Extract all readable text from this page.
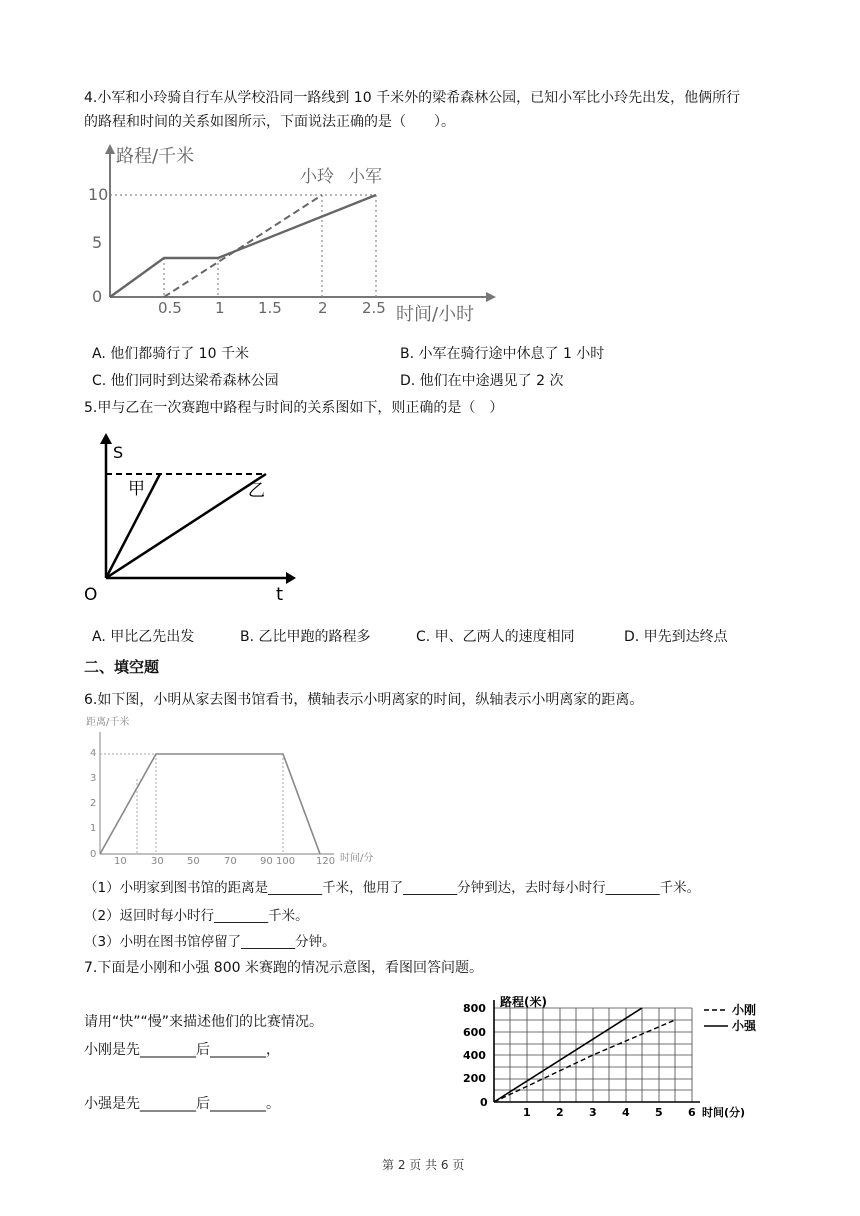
4.小军和小玲骑自行车从学校沿同一路线到 10 千米外的梁希森林公园，已知小军比小玲先出发，他俩所行
的路程和时间的关系如图所示，下面说法正确的是（　　）。
路程/千米
时间/小时
0
5
10
0.5 1 1.5 2 2.5
小玲 小军
A. 他们都骑行了 10 千米	B. 小军在骑行途中休息了 1 小时
C. 他们同时到达梁希森林公园	D. 他们在中途遇见了 2 次
5.甲与乙在一次赛跑中路程与时间的关系图如下，则正确的是（　）
S
t
O
甲	乙
A. 甲比乙先出发	B. 乙比甲跑的路程多	C. 甲、乙两人的速度相同	D. 甲先到达终点
二、填空题
6.如下图，小明从家去图书馆看书，横轴表示小明离家的时间，纵轴表示小明离家的距离。
距离/千米
0
1
2
3
4
10 30 50 70 90 100 120 时间/分
（1）小明家到图书馆的距离是________千米，他用了________分钟到达，去时每小时行________千米。
（2）返回时每小时行________千米。
（3）小明在图书馆停留了________分钟。
7.下面是小刚和小强 800 米赛跑的情况示意图，看图回答问题。
请用“快”“慢”来描述他们的比赛情况。
小刚是先________后________，
小强是先________后________。
路程(米)
0
200
400
600
800
1 2 3 4 5 6 时间(分)
小刚
小强
第 2 页 共 6 页
